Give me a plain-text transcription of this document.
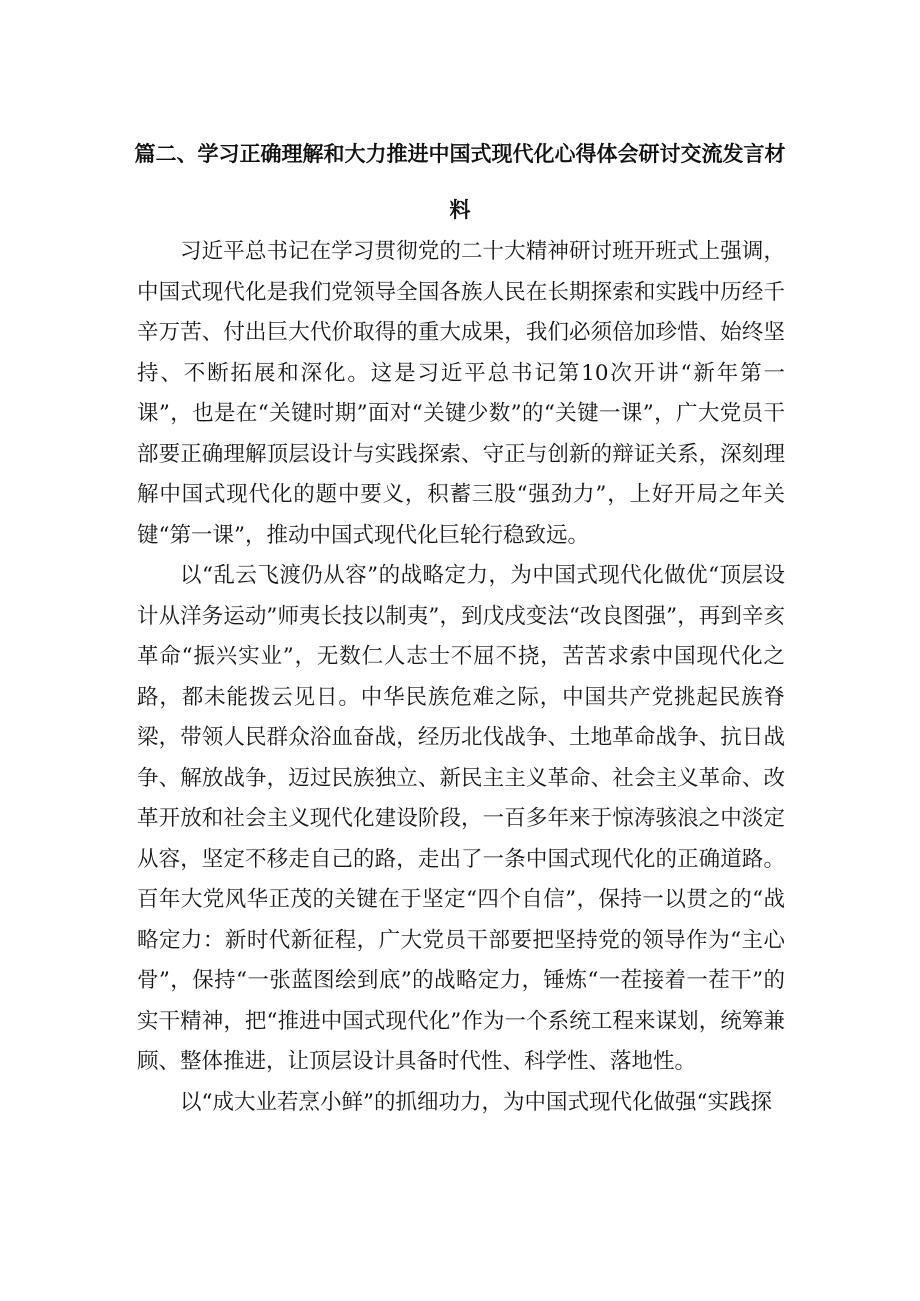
篇二、学习正确理解和大力推进中国式现代化心得体会研讨交流发言材料

习近平总书记在学习贯彻党的二十大精神研讨班开班式上强调，中国式现代化是我们党领导全国各族人民在长期探索和实践中历经千辛万苦、付出巨大代价取得的重大成果，我们必须倍加珍惜、始终坚持、不断拓展和深化。这是习近平总书记第10次开讲“新年第一课”，也是在“关键时期”面对“关键少数”的“关键一课”，广大党员干部要正确理解顶层设计与实践探索、守正与创新的辩证关系，深刻理解中国式现代化的题中要义，积蓄三股“强劲力”，上好开局之年关键“第一课”，推动中国式现代化巨轮行稳致远。

以“乱云飞渡仍从容”的战略定力，为中国式现代化做优“顶层设计从洋务运动”师夷长技以制夷”，到戊戌变法“改良图强”，再到辛亥革命“振兴实业”，无数仁人志士不屈不挠，苦苦求索中国现代化之路，都未能拨云见日。中华民族危难之际，中国共产党挑起民族脊梁，带领人民群众浴血奋战，经历北伐战争、土地革命战争、抗日战争、解放战争，迈过民族独立、新民主主义革命、社会主义革命、改革开放和社会主义现代化建设阶段，一百多年来于惊涛骇浪之中淡定从容，坚定不移走自己的路，走出了一条中国式现代化的正确道路。百年大党风华正茂的关键在于坚定“四个自信”，保持一以贯之的“战略定力：新时代新征程，广大党员干部要把坚持党的领导作为“主心骨”，保持“一张蓝图绘到底”的战略定力，锤炼“一茬接着一茬干”的实干精神，把“推进中国式现代化”作为一个系统工程来谋划，统筹兼顾、整体推进，让顶层设计具备时代性、科学性、落地性。

以“成大业若烹小鲜”的抓细功力，为中国式现代化做强“实践探
